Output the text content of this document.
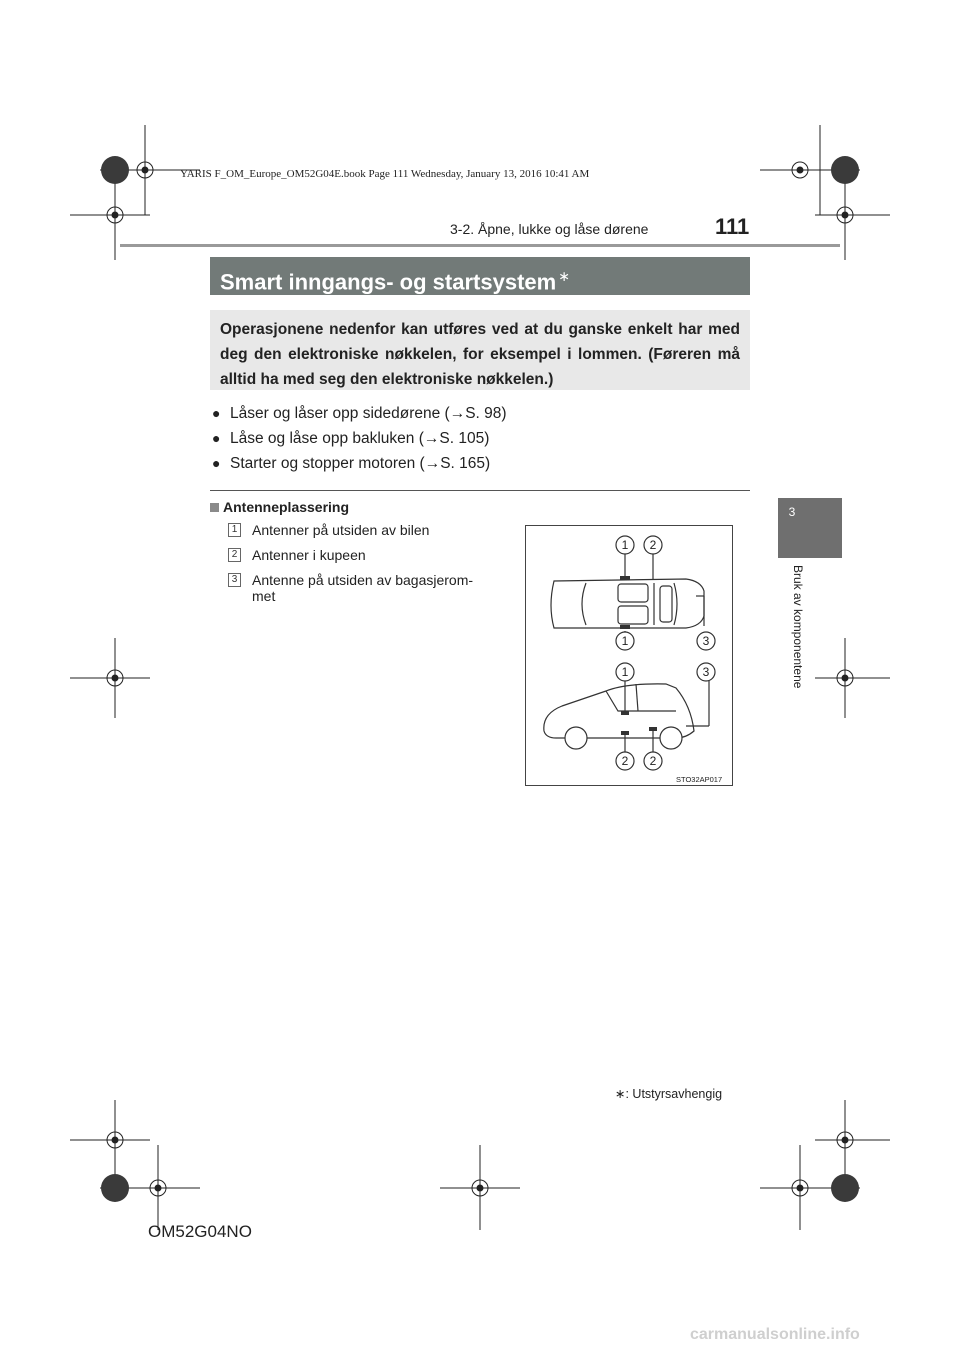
YARIS F_OM_Europe_OM52G04E.book Page 111 Wednesday, January 13, 2016 10:41 AM
3-2. Åpne, lukke og låse dørene	111
3
Bruk av komponentene
Smart inngangs- og startsystem ∗
Operasjonene nedenfor kan utføres ved at du ganske enkelt har med deg den elektroniske nøkkelen, for eksempel i lommen. (Føreren må alltid ha med seg den elektroniske nøkkelen.)
● Låser og låser opp sidedørene (→S. 98)
● Låse og låse opp bakluken (→S. 105)
● Starter og stopper motoren (→S. 165)
Antenneplassering
1 Antenner på utsiden av bilen
2 Antenner i kupeen
3 Antenne på utsiden av bagasjerom-
met
1 2
1	3
1	3
2 2
STO32AP017
∗: Utstyrsavhengig
OM52G04NO
carmanualsonline.info
